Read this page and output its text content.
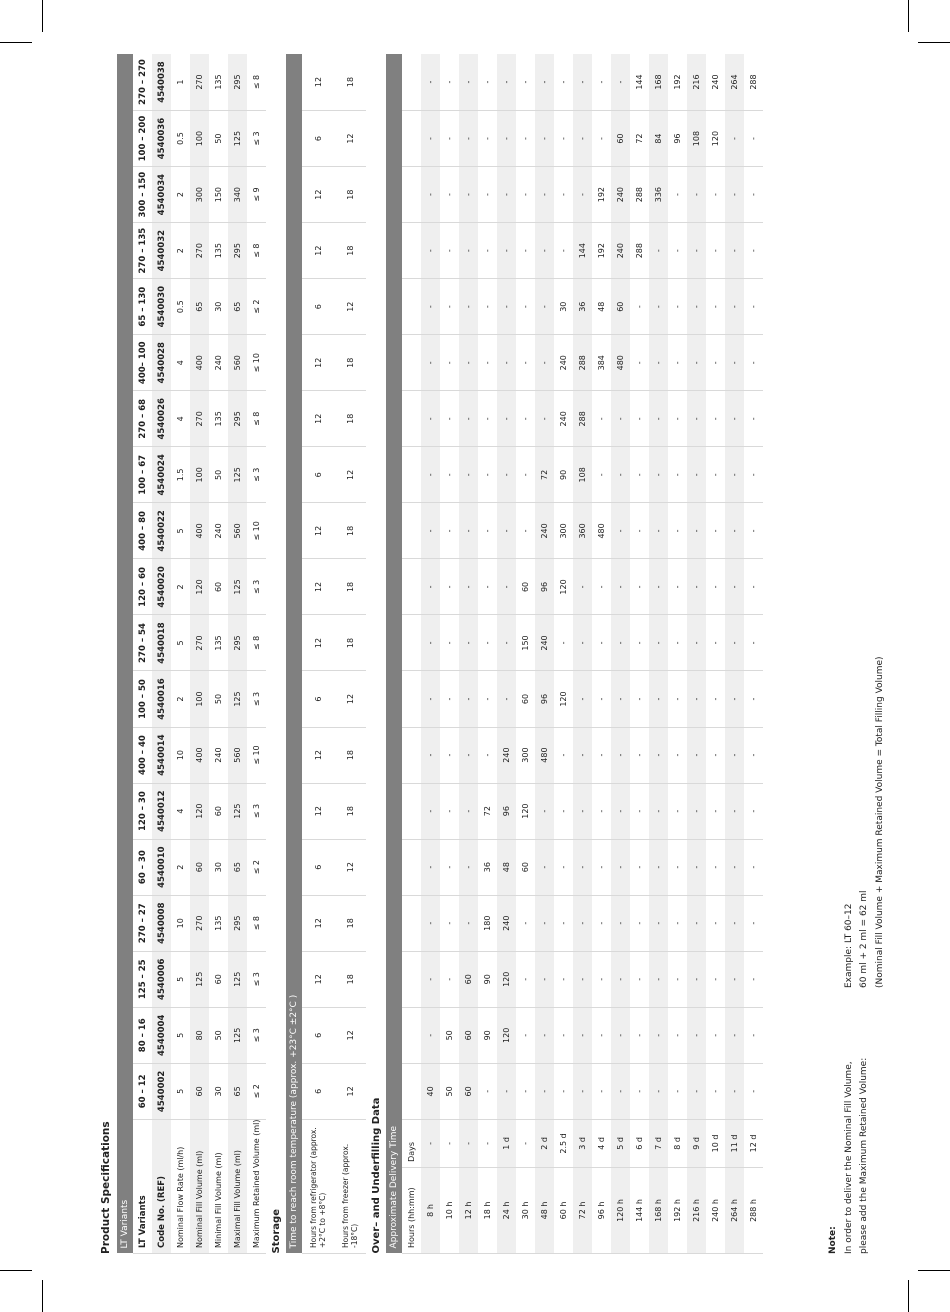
Product Specifications LT Variants																				
LT Variants		60 – 12	80 – 16	125 – 25	270 – 27	60 – 30	120 – 30	400 – 40	100 – 50	270 – 54	120 – 60	400 – 80	100 – 67	270 – 68	400– 100	65 – 130	270 – 135	300 – 150	100 – 200	270 – 270
Code No. (REF)		4540002	4540004	4540006	4540008	4540010	4540012	4540014	4540016	4540018	4540020	4540022	4540024	4540026	4540028	4540030	4540032	4540034	4540036	4540038
Nominal Flow Rate (ml/h)		5	5	5	10	2	4	10	2	5	2	5	1.5	4	4	0.5	2	2	0.5	1
Nominal Fill Volume (ml)		60	80	125	270	60	120	400	100	270	120	400	100	270	400	65	270	300	100	270
Minimal Fill Volume (ml)		30	50	60	135	30	60	240	50	135	60	240	50	135	240	30	135	150	50	135
Maximal Fill Volume (ml)		65	125	125	295	65	125	560	125	295	125	560	125	295	560	65	295	340	125	295
Maximum Retained Volume (ml)		≤ 2	≤ 3	≤ 3	≤ 8	≤ 2	≤ 3	≤ 10	≤ 3	≤ 8	≤ 3	≤ 10	≤ 3	≤ 8	≤ 10	≤ 2	≤ 8	≤ 9	≤ 3	≤ 8
Storage																				
Time to reach room temperature (approx. +23°C ±2°C )																				
Hours from refrigerator (approx. +2°C to +8°C)		6	6	12	12	6	12	12	6	12	12	12	6	12	12	6	12	12	6	12
Hours from freezer (approx. -18°C)		12	12	18	18	12	18	18	12	18	18	18	12	18	18	12	18	18	12	18
Over– and Underfilling Data																				
Approximate Delivery Time																				
Hours (hh:mm)	Days																			
8 h	-	40	-	-	-	-	-	-	-	-	-	-	-	-	-	-	-	-	-	-
10 h	-	50	50	-	-	-	-	-	-	-	-	-	-	-	-	-	-	-	-	-
12 h	-	60	60	60	-	-	-	-	-	-	-	-	-	-	-	-	-	-	-	-
18 h	-	-	90	90	180	36	72	-	-	-	-	-	-	-	-	-	-	-	-	-
24 h	1 d	-	120	120	240	48	96	240	-	-	-	-	-	-	-	-	-	-	-	-
30 h	-	-	-	-	-	60	120	300	60	150	60	-	-	-	-	-	-	-	-	-
48 h	2 d	-	-	-	-	-	-	480	96	240	96	240	72	-	-	-	-	-	-	-
60 h	2.5 d	-	-	-	-	-	-	-	120	-	120	300	90	240	240	30	-	-	-	-
72 h	3 d	-	-	-	-	-	-	-	-	-	-	360	108	288	288	36	144	-	-	-
96 h	4 d	-	-	-	-	-	-	-	-	-	-	480	-	-	384	48	192	192	-	-
120 h	5 d	-	-	-	-	-	-	-	-	-	-	-	-	-	480	60	240	240	60	-
144 h	6 d	-	-	-	-	-	-	-	-	-	-	-	-	-	-	-	288	288	72	144
168 h	7 d	-	-	-	-	-	-	-	-	-	-	-	-	-	-	-	-	336	84	168
192 h	8 d	-	-	-	-	-	-	-	-	-	-	-	-	-	-	-	-	-	96	192
216 h	9 d	-	-	-	-	-	-	-	-	-	-	-	-	-	-	-	-	-	108	216
240 h	10 d	-	-	-	-	-	-	-	-	-	-	-	-	-	-	-	-	-	120	240
264 h	11 d	-	-	-	-	-	-	-	-	-	-	-	-	-	-	-	-	-	-	264
288 h	12 d	-	-	-	-	-	-	-	-	-	-	-	-	-	-	-	-	-	-	288
Note: In order to deliver the Nominal Fill Volume, please add the Maximum Retained Volume:
Example: LT 60–12 60 ml + 2 ml = 62 ml (Nominal Fill Volume + Maximum Retained Volume = Total Filling Volume)
